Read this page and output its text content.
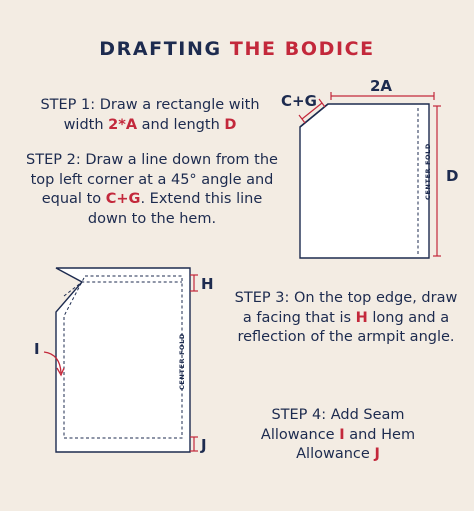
DRAFTING THE BODICE
STEP 1: Draw a rectangle with width 2*A and length D
STEP 2: Draw a line down from the top left corner at a 45° angle and equal to C+G. Extend this line down to the hem.
STEP 3: On the top edge, draw a facing that is H long and a reflection of the armpit angle.
STEP 4: Add Seam Allowance I and Hem Allowance J
CENTER FOLD
CENTER FOLD
C+G
2A
D
H
I
J
